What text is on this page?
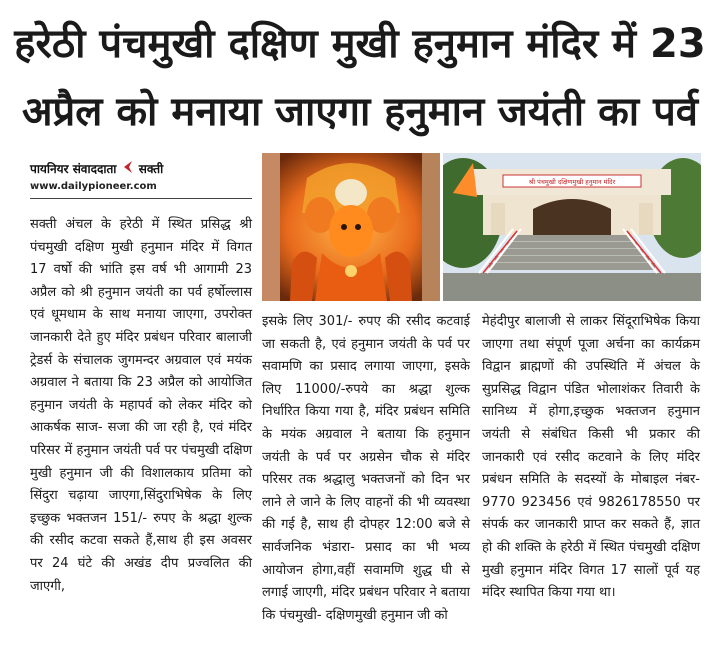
हरेठी पंचमुखी दक्षिण मुखी हनुमान मंदिर में 23
अप्रैल को मनाया जाएगा हनुमान जयंती का पर्व
पायनियर संवाददाता सक्ती
www.dailypioneer.com
सक्ती अंचल के हरेठी में स्थित प्रसिद्ध श्री पंचमुखी दक्षिण मुखी हनुमान मंदिर में विगत 17 वर्षो की भांति इस वर्ष भी आगामी 23 अप्रैल को श्री हनुमान जयंती का पर्व हर्षोल्लास एवं धूमधाम के साथ मनाया जाएगा, उपरोक्त जानकारी देते हुए मंदिर प्रबंधन परिवार बालाजी ट्रेडर्स के संचालक जुगमन्दर अग्रवाल एवं मयंक अग्रवाल ने बताया कि 23 अप्रैल को आयोजित हनुमान जयंती के महापर्व को लेकर मंदिर को आकर्षक साज- सजा की जा रही है, एवं मंदिर परिसर में हनुमान जयंती पर्व पर पंचमुखी दक्षिण मुखी हनुमान जी की विशालकाय प्रतिमा को सिंदुरा चढ़ाया जाएगा,सिंदुराभिषेक के लिए इच्छुक भक्तजन 151/- रुपए के श्रद्धा शुल्क की रसीद कटवा सकते हैं,साथ ही इस अवसर पर 24 घंटे की अखंड दीप प्रज्वलित की जाएगी,
श्री पंचमुखी दक्षिणमुखी हनुमान मंदिर
इसके लिए 301/- रुपए की रसीद कटवाई जा सकती है, एवं हनुमान जयंती के पर्व पर सवामणि का प्रसाद लगाया जाएगा, इसके लिए 11000/-रुपये का श्रद्धा शुल्क निर्धारित किया गया है, मंदिर प्रबंधन समिति के मयंक अग्रवाल ने बताया कि हनुमान जयंती के पर्व पर अग्रसेन चौक से मंदिर परिसर तक श्रद्धालु भक्तजनों को दिन भर लाने ले जाने के लिए वाहनों की भी व्यवस्था की गई है, साथ ही दोपहर 12:00 बजे से सार्वजनिक भंडारा- प्रसाद का भी भव्य आयोजन होगा,वहीं सवामणि शुद्ध घी से लगाई जाएगी, मंदिर प्रबंधन परिवार ने बताया कि पंचमुखी- दक्षिणमुखी हनुमान जी को
मेहंदीपुर बालाजी से लाकर सिंदूराभिषेक किया जाएगा तथा संपूर्ण पूजा अर्चना का कार्यक्रम विद्वान ब्राह्मणों की उपस्थिति में अंचल के सुप्रसिद्ध विद्वान पंडित भोलाशंकर तिवारी के सानिध्य में होगा,इच्छुक भक्तजन हनुमान जयंती से संबंधित किसी भी प्रकार की जानकारी एवं रसीद कटवाने के लिए मंदिर प्रबंधन समिति के सदस्यों के मोबाइल नंबर- 9770 923456 एवं 9826178550 पर संपर्क कर जानकारी प्राप्त कर सकते हैं, ज्ञात हो की शक्ति के हरेठी में स्थित पंचमुखी दक्षिण मुखी हनुमान मंदिर विगत 17 सालों पूर्व यह मंदिर स्थापित किया गया था।
